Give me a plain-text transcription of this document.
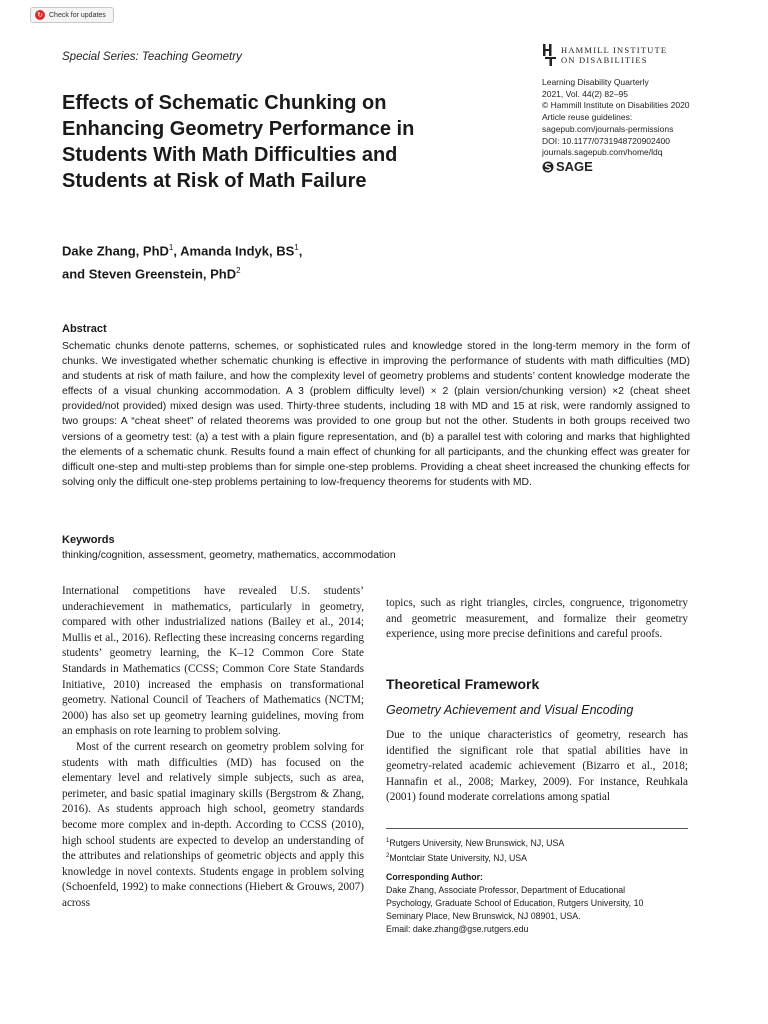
↻ Check for updates
Special Series: Teaching Geometry
Effects of Schematic Chunking on Enhancing Geometry Performance in Students With Math Difficulties and Students at Risk of Math Failure
Dake Zhang, PhD$^1$, Amanda Indyk, $BS^1$,
and Steven Greenstein, PhD$^2$
HAMMILL INSTITUTE
ON DISABILITIES
Learning Disability Quarterly
2021, Vol. 44(2) 82–95
© Hammill Institute on Disabilities 2020
Article reuse guidelines:
sagepub.com/journals-permissions
DOI: 10.1177/0731948720902400
journals.sagepub.com/home/ldq
SAGE
Abstract

Schematic chunks denote patterns, schemes, or sophisticated rules and knowledge stored in the long-term memory in the form of chunks. We investigated whether schematic chunking is effective in improving the performance of students with math difficulties (MD) and students at risk of math failure, and how the complexity level of geometry problems and students’ content knowledge moderate the effects of a visual chunking accommodation. A 3 (problem difficulty level) × 2 (plain version/chunking version) ×2 (cheat sheet provided/not provided) mixed design was used. Thirty-three students, including 18 with MD and 15 at risk, were randomly assigned to two groups: A “cheat sheet” of related theorems was provided to one group but not the other. Students in both groups received two versions of a geometry test: (a) a test with a plain figure representation, and (b) a parallel test with coloring and marks that highlighted the elements of a schematic chunk. Results found a main effect of chunking for all participants, and the chunking effect was greater for difficult one-step and multi-step problems than for simple one-step problems. Providing a cheat sheet increased the chunking effects for solving only the difficult one-step problems pertaining to low-frequency theorems for students with MD.

Keywords
thinking/cognition, assessment, geometry, mathematics, accommodation

International competitions have revealed U.S. students’ underachievement in mathematics, particularly in geometry, compared with other industrialized nations (Bailey et al., 2014; Mullis et al., 2016). Reflecting these increasing concerns regarding students’ geometry learning, the K–12 Common Core State Standards in Mathematics (CCSS; Common Core State Standards Initiative, 2010) increased the emphasis on transformational geometry. National Council of Teachers of Mathematics (NCTM; 2000) has also set up geometry learning guidelines, moving from an emphasis on rote learning to problem solving.

Most of the current research on geometry problem solving for students with math difficulties (MD) has focused on the elementary level and relatively simple subjects, such as area, perimeter, and basic spatial imaginary skills (Bergstrom & Zhang, 2016). As students approach high school, geometry standards become more complex and in-depth. According to CCSS (2010), high school students are expected to develop an understanding of the attributes and relationships of geometric objects and apply this knowledge in novel contexts. Students engage in problem solving (Schoenfeld, 1992) to make connections (Hiebert & Grouws, 2007) across

topics, such as right triangles, circles, congruence, trigonometry and geometric measurement, and formalize their geometry experience, using more precise definitions and careful proofs.

Theoretical Framework
Geometry Achievement and Visual Encoding

Due to the unique characteristics of geometry, research has identified the significant role that spatial abilities have in geometry-related academic achievement (Bizarro et al., 2018; Hannafin et al., 2008; Markey, 2009). For instance, Reuhkala (2001) found moderate correlations among spatial

$^1$Rutgers University, New Brunswick, NJ, USA
$^2$Montclair State University, NJ, USA
Corresponding Author:
Dake Zhang, Associate Professor, Department of Educational
Psychology, Graduate School of Education, Rutgers University, 10
Seminary Place, New Brunswick, NJ 08901, USA.
Email: dake.zhang@gse.rutgers.edu
